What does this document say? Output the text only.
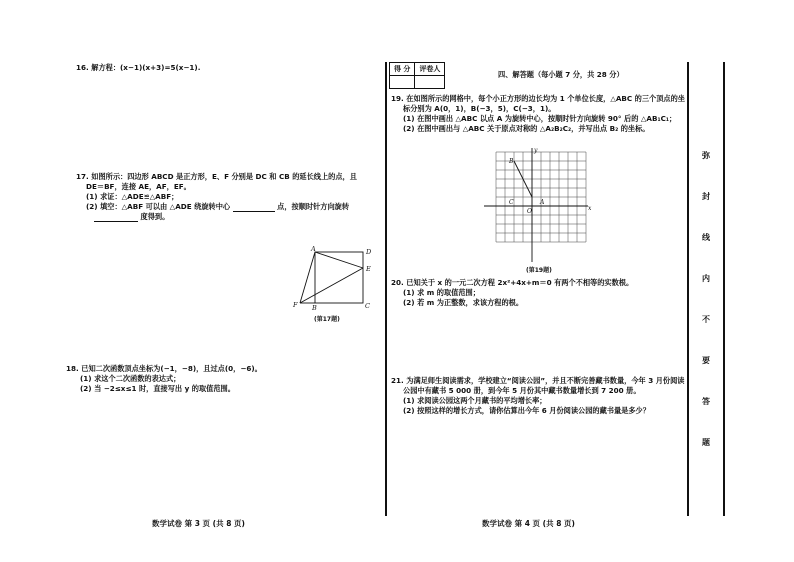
16. 解方程：(x−1)(x+3)=5(x−1).
17. 如图所示：四边形 ABCD 是正方形，E、F 分别是 DC 和 CB 的延长线上的点，且
DE＝BF，连接 AE，AF，EF。
(1) 求证：△ADE≌△ABF；
(2) 填空：△ABF 可以由 △ADE 绕旋转中心	点，按顺时针方向旋转
度得到。
A	D
E
F B	C
(第17题)
18. 已知二次函数顶点坐标为(−1，−8)，且过点(0，−6)。
(1) 求这个二次函数的表达式；
(2) 当 −2≤x≤1 时，直接写出 y 的取值范围。
数学试卷 第 3 页 (共 8 页)
得 分	评卷人

四、解答题（每小题 7 分，共 28 分）
19. 在如图所示的网格中，每个小正方形的边长均为 1 个单位长度，△ABC 的三个顶点的坐
标分别为 A(0，1)，B(−3，5)，C(−3，1)。
(1) 在图中画出 △ABC 以点 A 为旋转中心，按顺时针方向旋转 90° 后的 △AB₁C₁；
(2) 在图中画出与 △ABC 关于原点对称的 △A₂B₂C₂，并写出点 B₂ 的坐标。
x
y
B
C	A
O
(第19题)
20. 已知关于 x 的一元二次方程 2x²+4x+m＝0 有两个不相等的实数根。
(1) 求 m 的取值范围；
(2) 若 m 为正整数，求该方程的根。
21. 为满足师生阅读需求，学校建立“阅读公园”，并且不断完善藏书数量，今年 3 月份阅读
公园中有藏书 5 000 册，到今年 5 月份其中藏书数量增长到 7 200 册。
(1) 求阅读公园这两个月藏书的平均增长率；
(2) 按照这样的增长方式，请你估算出今年 6 月份阅读公园的藏书量是多少？
数学试卷 第 4 页 (共 8 页)
弥
封
线
内
不
要
答
题
